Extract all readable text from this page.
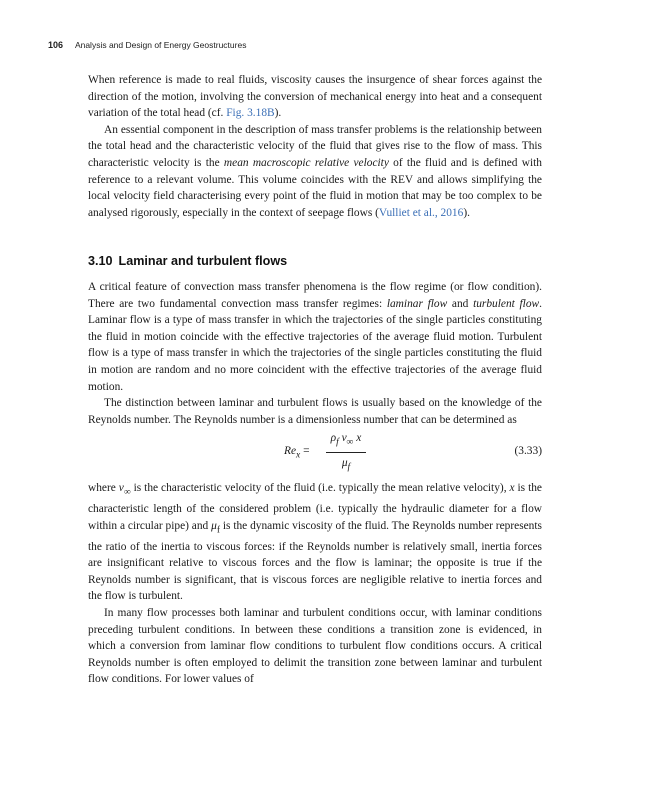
106 Analysis and Design of Energy Geostructures

When reference is made to real fluids, viscosity causes the insurgence of shear forces against the direction of the motion, involving the conversion of mechanical energy into heat and a consequent variation of the total head (cf. Fig. 3.18B).

An essential component in the description of mass transfer problems is the relationship between the total head and the characteristic velocity of the fluid that gives rise to the flow of mass. This characteristic velocity is the mean macroscopic relative velocity of the fluid and is defined with reference to a relevant volume. This volume coincides with the REV and allows simplifying the local velocity field characterising every point of the fluid in motion that may be too complex to be analysed rigorously, especially in the context of seepage flows (Vulliet et al., 2016).

3.10 Laminar and turbulent flows

A critical feature of convection mass transfer phenomena is the flow regime (or flow condition). There are two fundamental convection mass transfer regimes: laminar flow and turbulent flow. Laminar flow is a type of mass transfer in which the trajectories of the single particles constituting the fluid in motion coincide with the effective trajectories of the average fluid motion. Turbulent flow is a type of mass transfer in which the trajectories of the single particles constituting the fluid in motion are random and no more coincident with the effective trajectories of the average fluid motion.

The distinction between laminar and turbulent flows is usually based on the knowledge of the Reynolds number. The Reynolds number is a dimensionless number that can be determined as

$Re_x$ =
$\rho_f$ $v_\infty$ x
$\mu_f$
(3.33)

where $v_\infty$ is the characteristic velocity of the fluid (i.e. typically the mean relative velocity), x is the characteristic length of the considered problem (i.e. typically the hydraulic diameter for a flow within a circular pipe) and $\mu_f$ is the dynamic viscosity of the fluid. The Reynolds number represents the ratio of the inertia to viscous forces: if the Reynolds number is relatively small, inertia forces are insignificant relative to viscous forces and the flow is laminar; the opposite is true if the Reynolds number is significant, that is viscous forces are negligible relative to inertia forces and the flow is turbulent.

In many flow processes both laminar and turbulent conditions occur, with laminar conditions preceding turbulent conditions. In between these conditions a transition zone is evidenced, in which a conversion from laminar flow conditions to turbulent flow conditions occurs. A critical Reynolds number is often employed to delimit the transition zone between laminar and turbulent flow conditions. For lower values of
